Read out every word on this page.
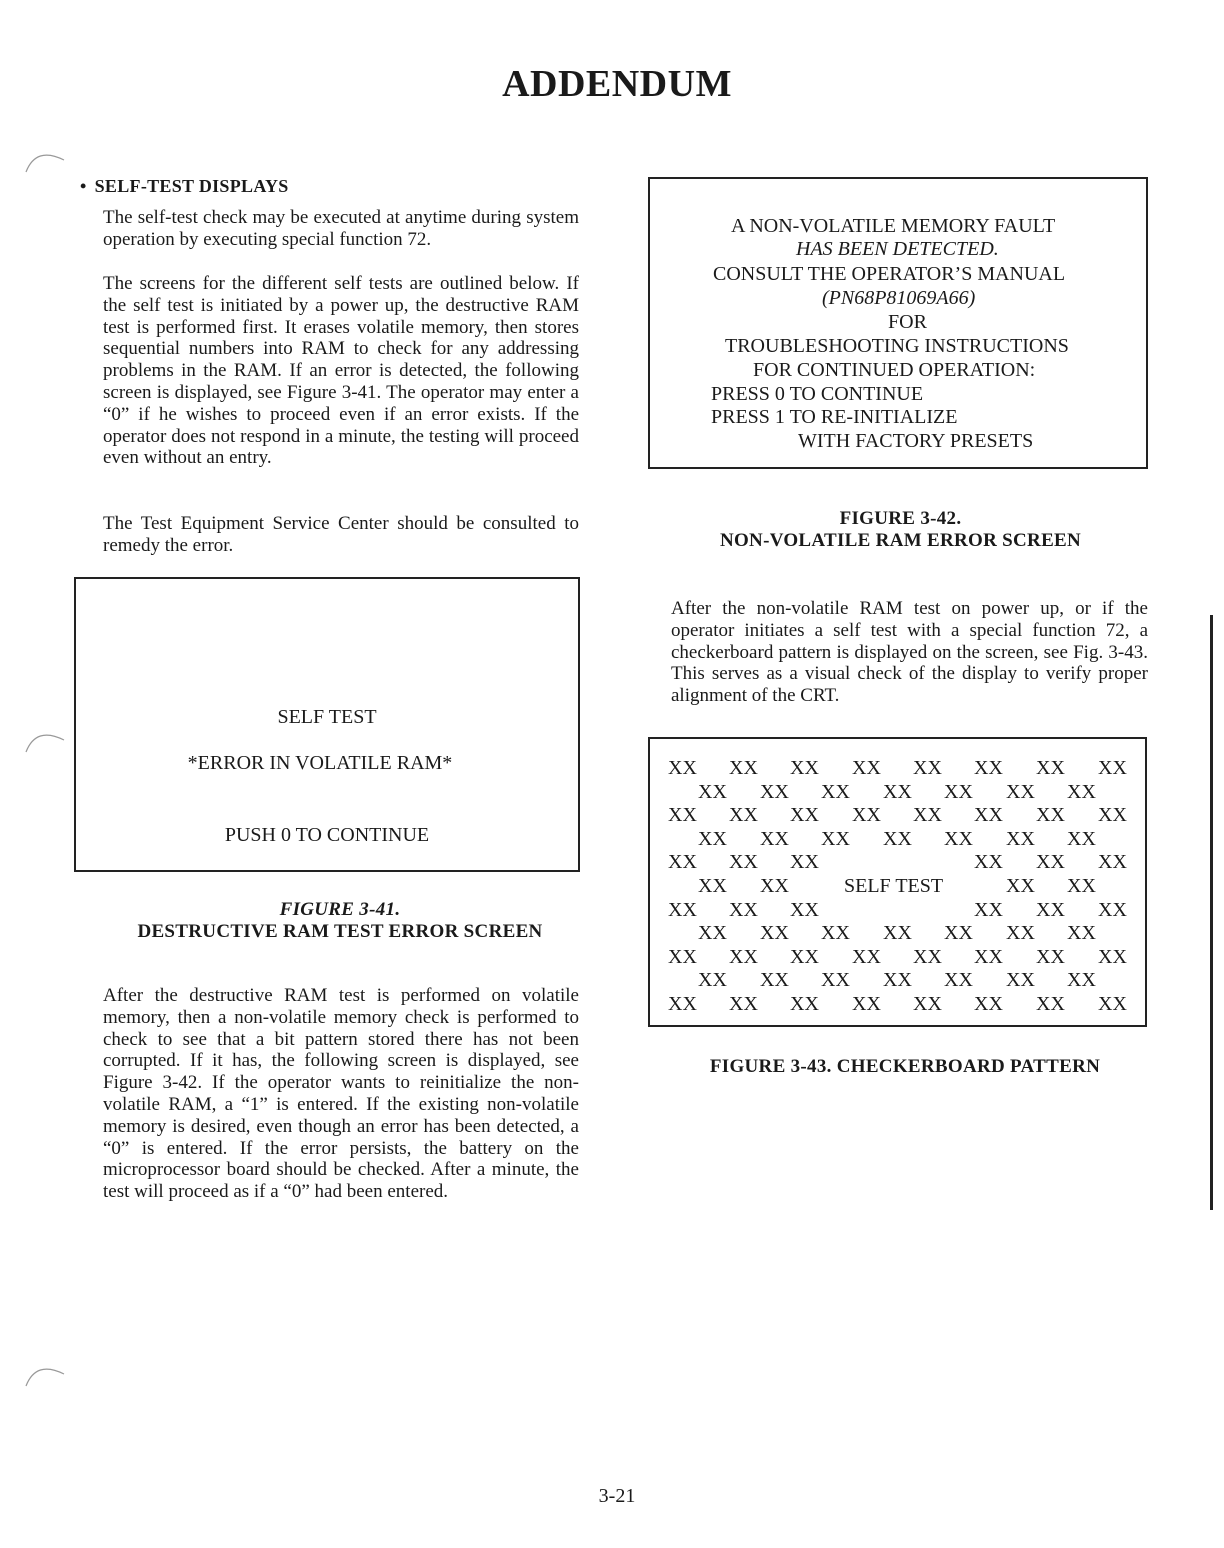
ADDENDUM
• SELF-TEST DISPLAYS
The self-test check may be executed at anytime during system operation by executing special function 72.
The screens for the different self tests are outlined below. If the self test is initiated by a power up, the destructive RAM test is performed first. It erases volatile memory, then stores sequential numbers into RAM to check for any addressing problems in the RAM. If an error is detected, the following screen is displayed, see Figure 3-41. The operator may enter a “0” if he wishes to proceed even if an error exists. If the operator does not respond in a minute, the testing will proceed even without an entry.
The Test Equipment Service Center should be consulted to remedy the error.
SELF TEST
*ERROR IN VOLATILE RAM*
PUSH 0 TO CONTINUE
FIGURE 3-41.
DESTRUCTIVE RAM TEST ERROR SCREEN
After the destructive RAM test is performed on volatile memory, then a non-volatile memory check is performed to check to see that a bit pattern stored there has not been corrupted. If it has, the following screen is displayed, see Figure 3-42. If the operator wants to reinitialize the non-volatile RAM, a “1” is entered. If the existing non-volatile memory is desired, even though an error has been detected, a “0” is entered. If the error persists, the battery on the microprocessor board should be checked. After a minute, the test will proceed as if a “0” had been entered.
A NON-VOLATILE MEMORY FAULT
HAS BEEN DETECTED.
CONSULT THE OPERATOR’S MANUAL
(PN68P81069A66)
FOR
TROUBLESHOOTING INSTRUCTIONS
FOR CONTINUED OPERATION:
PRESS 0 TO CONTINUE
PRESS 1 TO RE-INITIALIZE
WITH FACTORY PRESETS
FIGURE 3-42.
NON-VOLATILE RAM ERROR SCREEN
After the non-volatile RAM test on power up, or if the operator initiates a self test with a special function 72, a checkerboard pattern is displayed on the screen, see Fig. 3-43. This serves as a visual check of the display to verify proper alignment of the CRT.
XX XX XX XX XX XX XX XX
XX XX XX XX XX XX XX
XX XX XX XX XX XX XX XX
XX XX XX XX XX XX XX
XX XX XX	XX XX XX
XX XX	XX XX
SELF TEST
XX XX XX	XX XX XX
XX XX XX XX XX XX XX
XX XX XX XX XX XX XX XX
XX XX XX XX XX XX XX
XX XX XX XX XX XX XX XX
FIGURE 3-43. CHECKERBOARD PATTERN
3-21
